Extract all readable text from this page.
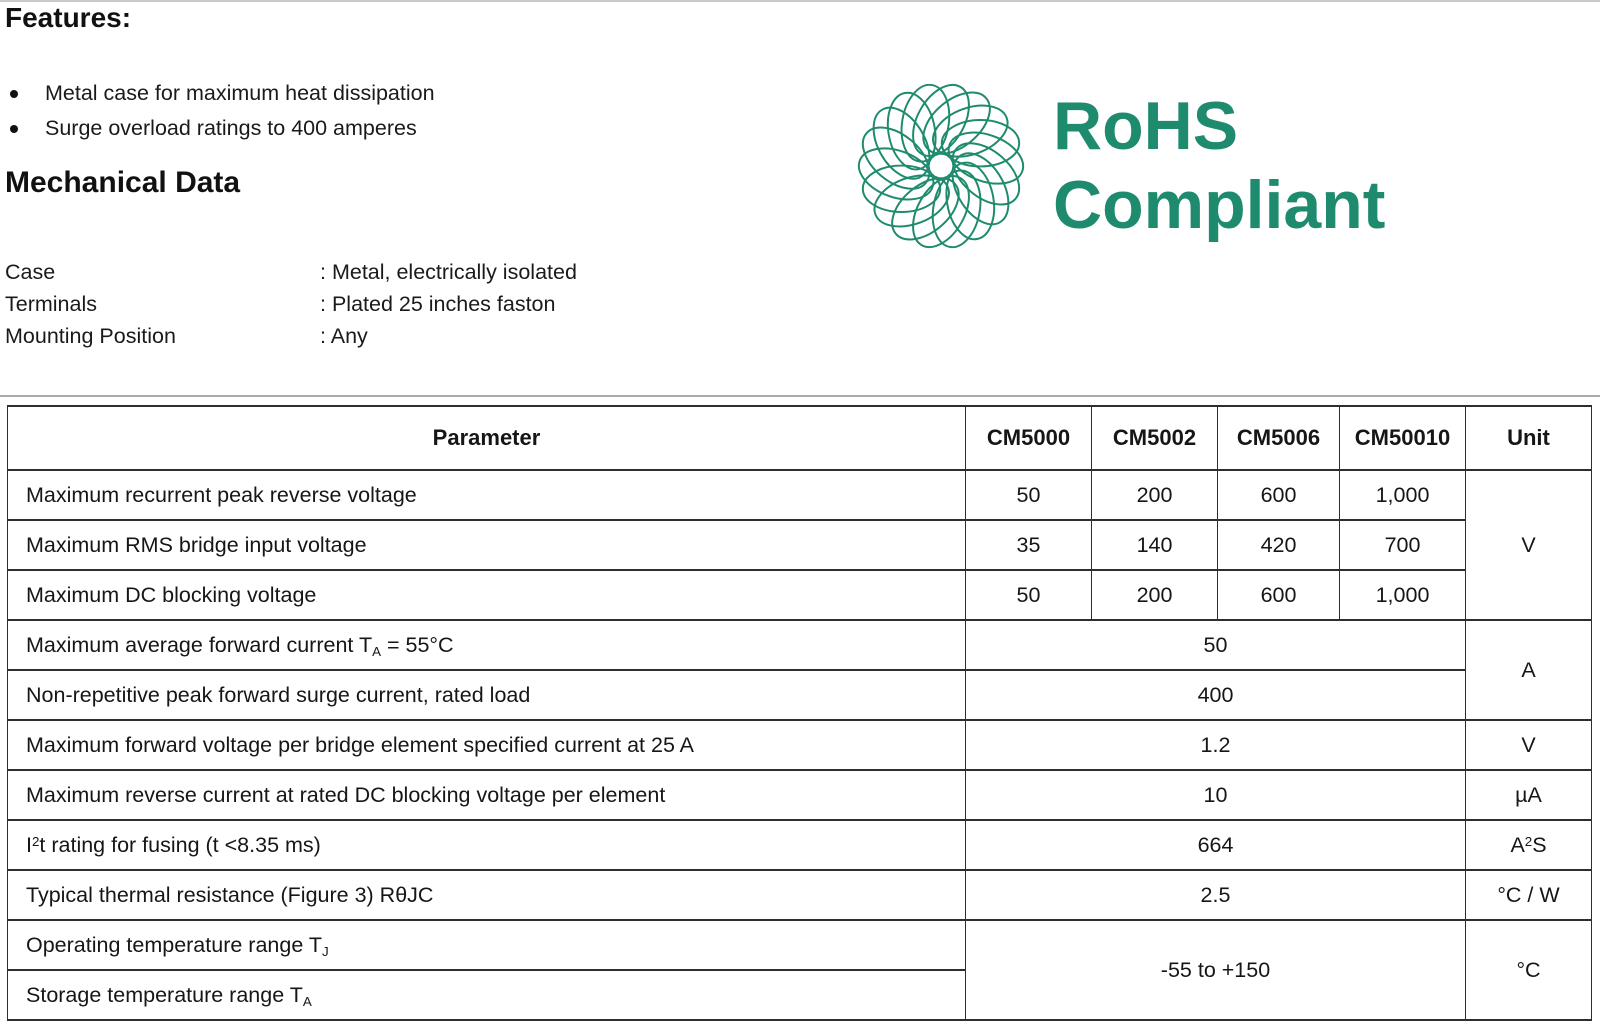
Features:
Metal case for maximum heat dissipation
Surge overload ratings to 400 amperes
Mechanical Data
Case	: Metal, electrically isolated
Terminals	: Plated 25 inches faston
Mounting Position	: Any
RoHS
Compliant
Parameter	CM5000	CM5002	CM5006	CM50010	Unit
Maximum recurrent peak reverse voltage	50	200	600	1,000	V
Maximum RMS bridge input voltage	35	140	420	700	
Maximum DC blocking voltage	50	200	600	1,000	
Maximum average forward current $T_A = 55^\circ C$	50				A
Non-repetitive peak forward surge current, rated load	400				
Maximum forward voltage per bridge element specified current at 25 A	1.2				V
Maximum reverse current at rated DC blocking voltage per element	10				µA
$I^2t$ rating for fusing (t <8.35 ms)	664				$A^2S$
Typical thermal resistance (Figure 3) RθJC	2.5				°C / W
Operating temperature range $T_J$	-55 to +150				°C
Storage temperature range $T_A$
